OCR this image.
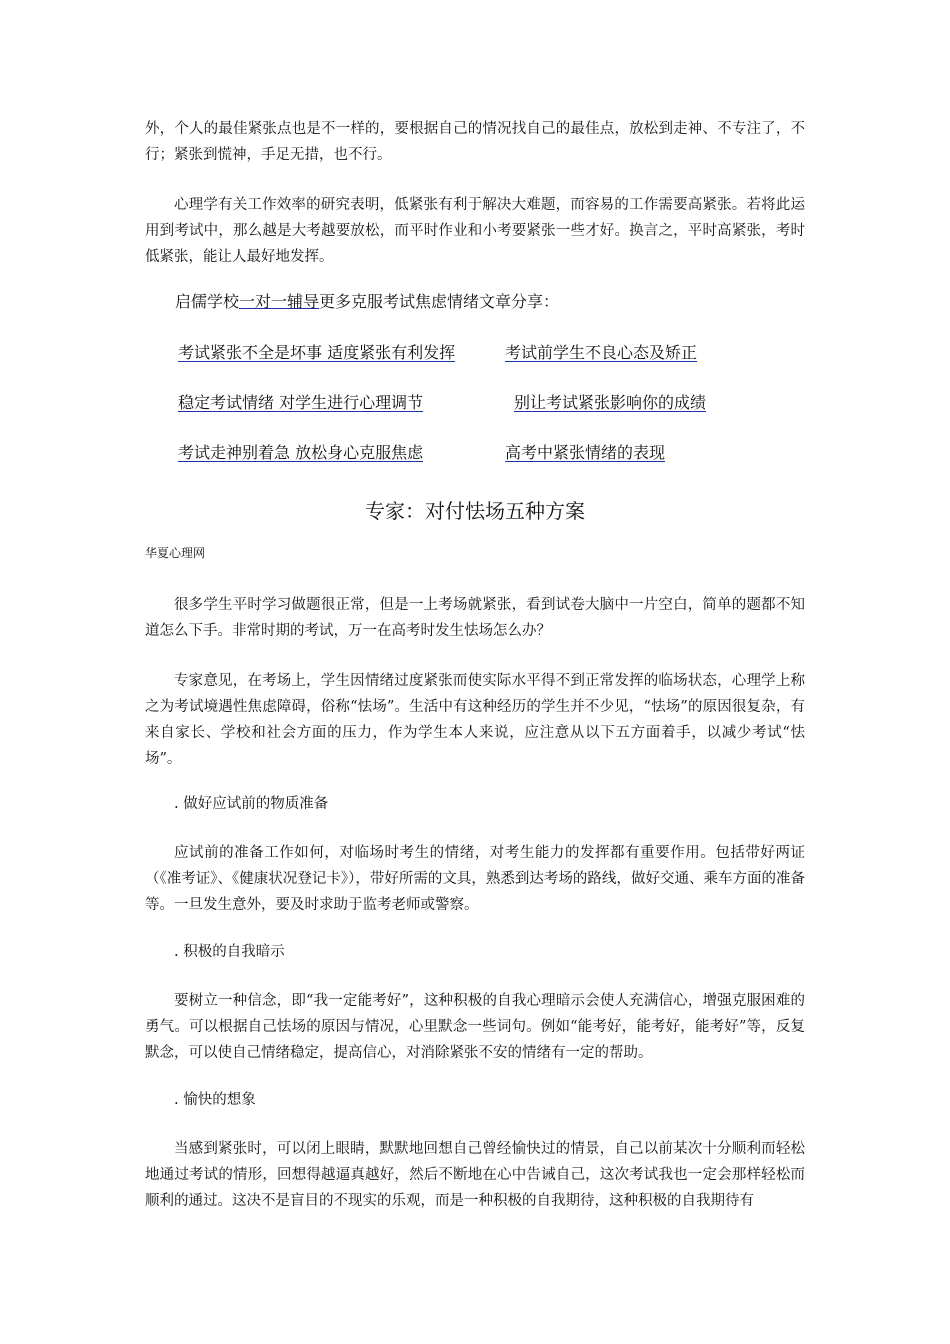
外，个人的最佳紧张点也是不一样的，要根据自己的情况找自己的最佳点，放松到走神、不专注了，不行；紧张到慌神，手足无措，也不行。

心理学有关工作效率的研究表明，低紧张有利于解决大难题，而容易的工作需要高紧张。若将此运用到考试中，那么越是大考越要放松，而平时作业和小考要紧张一些才好。换言之，平时高紧张，考时低紧张，能让人最好地发挥。

启儒学校一对一辅导更多克服考试焦虑情绪文章分享：
考试紧张不全是坏事 适度紧张有利发挥	考试前学生不良心态及矫正
稳定考试情绪 对学生进行心理调节	别让考试紧张影响你的成绩
考试走神别着急 放松身心克服焦虑	高考中紧张情绪的表现
专家：对付怯场五种方案
华夏心理网

很多学生平时学习做题很正常，但是一上考场就紧张，看到试卷大脑中一片空白，简单的题都不知道怎么下手。非常时期的考试，万一在高考时发生怯场怎么办？

专家意见，在考场上，学生因情绪过度紧张而使实际水平得不到正常发挥的临场状态，心理学上称之为考试境遇性焦虑障碍，俗称“怯场”。生活中有这种经历的学生并不少见，“怯场”的原因很复杂，有来自家长、学校和社会方面的压力，作为学生本人来说，应注意从以下五方面着手，以减少考试“怯场”。

. 做好应试前的物质准备

应试前的准备工作如何，对临场时考生的情绪，对考生能力的发挥都有重要作用。包括带好两证（《准考证》、《健康状况登记卡》），带好所需的文具，熟悉到达考场的路线，做好交通、乘车方面的准备等。一旦发生意外，要及时求助于监考老师或警察。

. 积极的自我暗示

要树立一种信念，即“我一定能考好”，这种积极的自我心理暗示会使人充满信心，增强克服困难的勇气。可以根据自己怯场的原因与情况，心里默念一些词句。例如“能考好，能考好，能考好”等，反复默念，可以使自己情绪稳定，提高信心，对消除紧张不安的情绪有一定的帮助。

. 愉快的想象

当感到紧张时，可以闭上眼睛，默默地回想自己曾经愉快过的情景，自己以前某次十分顺利而轻松地通过考试的情形，回想得越逼真越好，然后不断地在心中告诫自己，这次考试我也一定会那样轻松而顺利的通过。这决不是盲目的不现实的乐观，而是一种积极的自我期待，这种积极的自我期待有
